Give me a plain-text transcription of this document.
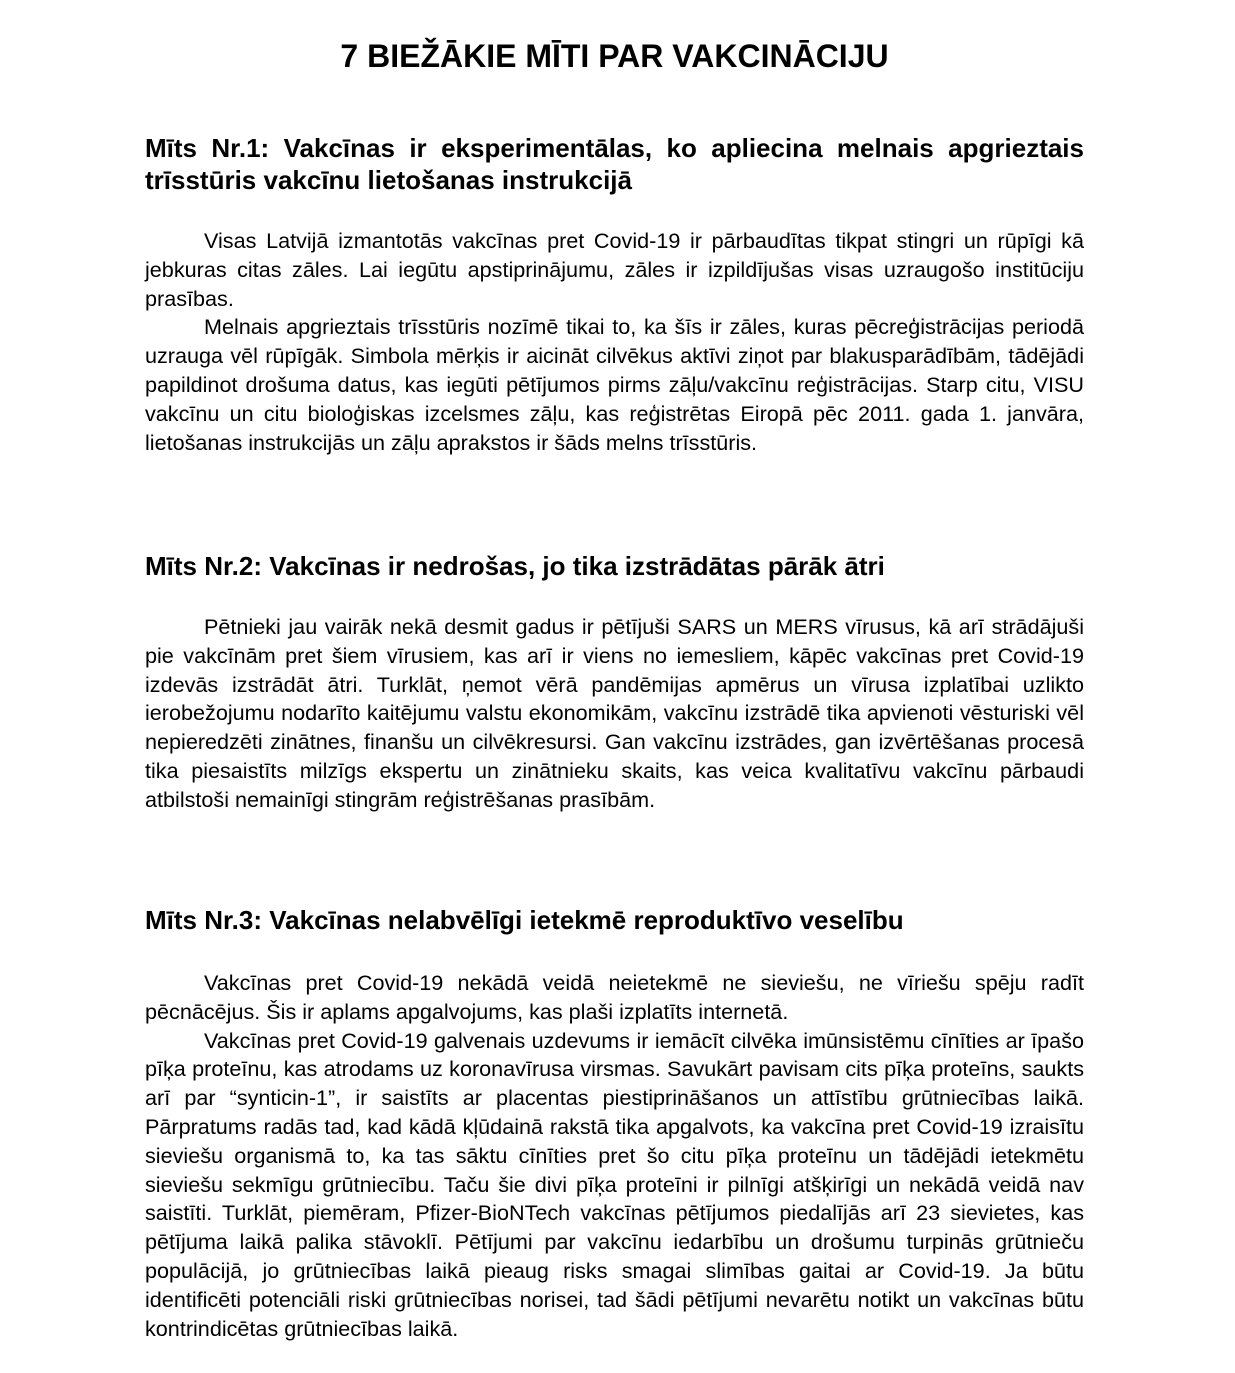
7 BIEŽĀKIE MĪTI PAR VAKCINĀCIJU
Mīts Nr.1: Vakcīnas ir eksperimentālas, ko apliecina melnais apgrieztais trīsstūris vakcīnu lietošanas instrukcijā

Visas Latvijā izmantotās vakcīnas pret Covid-19 ir pārbaudītas tikpat stingri un rūpīgi kā jebkuras citas zāles. Lai iegūtu apstiprinājumu, zāles ir izpildījušas visas uzraugošo institūciju prasības.

Melnais apgrieztais trīsstūris nozīmē tikai to, ka šīs ir zāles, kuras pēcreģistrācijas periodā uzrauga vēl rūpīgāk. Simbola mērķis ir aicināt cilvēkus aktīvi ziņot par blakusparādībām, tādējādi papildinot drošuma datus, kas iegūti pētījumos pirms zāļu/vakcīnu reģistrācijas. Starp citu, VISU vakcīnu un citu bioloģiskas izcelsmes zāļu, kas reģistrētas Eiropā pēc 2011. gada 1. janvāra, lietošanas instrukcijās un zāļu aprakstos ir šāds melns trīsstūris.

Mīts Nr.2: Vakcīnas ir nedrošas, jo tika izstrādātas pārāk ātri

Pētnieki jau vairāk nekā desmit gadus ir pētījuši SARS un MERS vīrusus, kā arī strādājuši pie vakcīnām pret šiem vīrusiem, kas arī ir viens no iemesliem, kāpēc vakcīnas pret Covid-19 izdevās izstrādāt ātri. Turklāt, ņemot vērā pandēmijas apmērus un vīrusa izplatībai uzlikto ierobežojumu nodarīto kaitējumu valstu ekonomikām, vakcīnu izstrādē tika apvienoti vēsturiski vēl nepieredzēti zinātnes, finanšu un cilvēkresursi. Gan vakcīnu izstrādes, gan izvērtēšanas procesā tika piesaistīts milzīgs ekspertu un zinātnieku skaits, kas veica kvalitatīvu vakcīnu pārbaudi atbilstoši nemainīgi stingrām reģistrēšanas prasībām.

Mīts Nr.3: Vakcīnas nelabvēlīgi ietekmē reproduktīvo veselību

Vakcīnas pret Covid-19 nekādā veidā neietekmē ne sieviešu, ne vīriešu spēju radīt pēcnācējus. Šis ir aplams apgalvojums, kas plaši izplatīts internetā.

Vakcīnas pret Covid-19 galvenais uzdevums ir iemācīt cilvēka imūnsistēmu cīnīties ar īpašo pīķa proteīnu, kas atrodams uz koronavīrusa virsmas. Savukārt pavisam cits pīķa proteīns, saukts arī par “synticin-1”, ir saistīts ar placentas piestiprināšanos un attīstību grūtniecības laikā. Pārpratums radās tad, kad kādā kļūdainā rakstā tika apgalvots, ka vakcīna pret Covid-19 izraisītu sieviešu organismā to, ka tas sāktu cīnīties pret šo citu pīķa proteīnu un tādējādi ietekmētu sieviešu sekmīgu grūtniecību. Taču šie divi pīķa proteīni ir pilnīgi atšķirīgi un nekādā veidā nav saistīti. Turklāt, piemēram, Pfizer-BioNTech vakcīnas pētījumos piedalījās arī 23 sievietes, kas pētījuma laikā palika stāvoklī. Pētījumi par vakcīnu iedarbību un drošumu turpinās grūtnieču populācijā, jo grūtniecības laikā pieaug risks smagai slimības gaitai ar Covid-19. Ja būtu identificēti potenciāli riski grūtniecības norisei, tad šādi pētījumi nevarētu notikt un vakcīnas būtu kontrindicētas grūtniecības laikā.
